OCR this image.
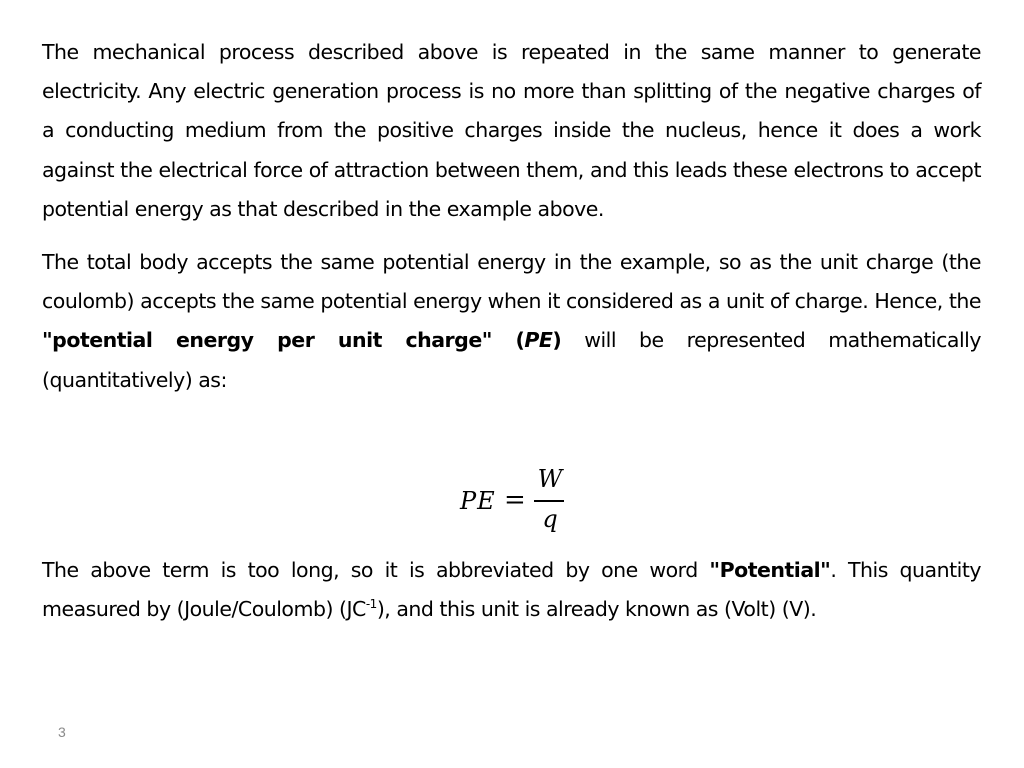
The mechanical process described above is repeated in the same manner to generate electricity. Any electric generation process is no more than splitting of the negative charges of a conducting medium from the positive charges inside the nucleus, hence it does a work against the electrical force of attraction between them, and this leads these electrons to accept potential energy as that described in the example above.

The total body accepts the same potential energy in the example, so as the unit charge (the coulomb) accepts the same potential energy when it considered as a unit of charge. Hence, the "potential energy per unit charge" (PE) will be represented mathematically (quantitatively) as:

PE =
W
q

The above term is too long, so it is abbreviated by one word "Potential". This quantity measured by (Joule/Coulomb) $(JC^{-1})$, and this unit is already known as (Volt) (V).

3
